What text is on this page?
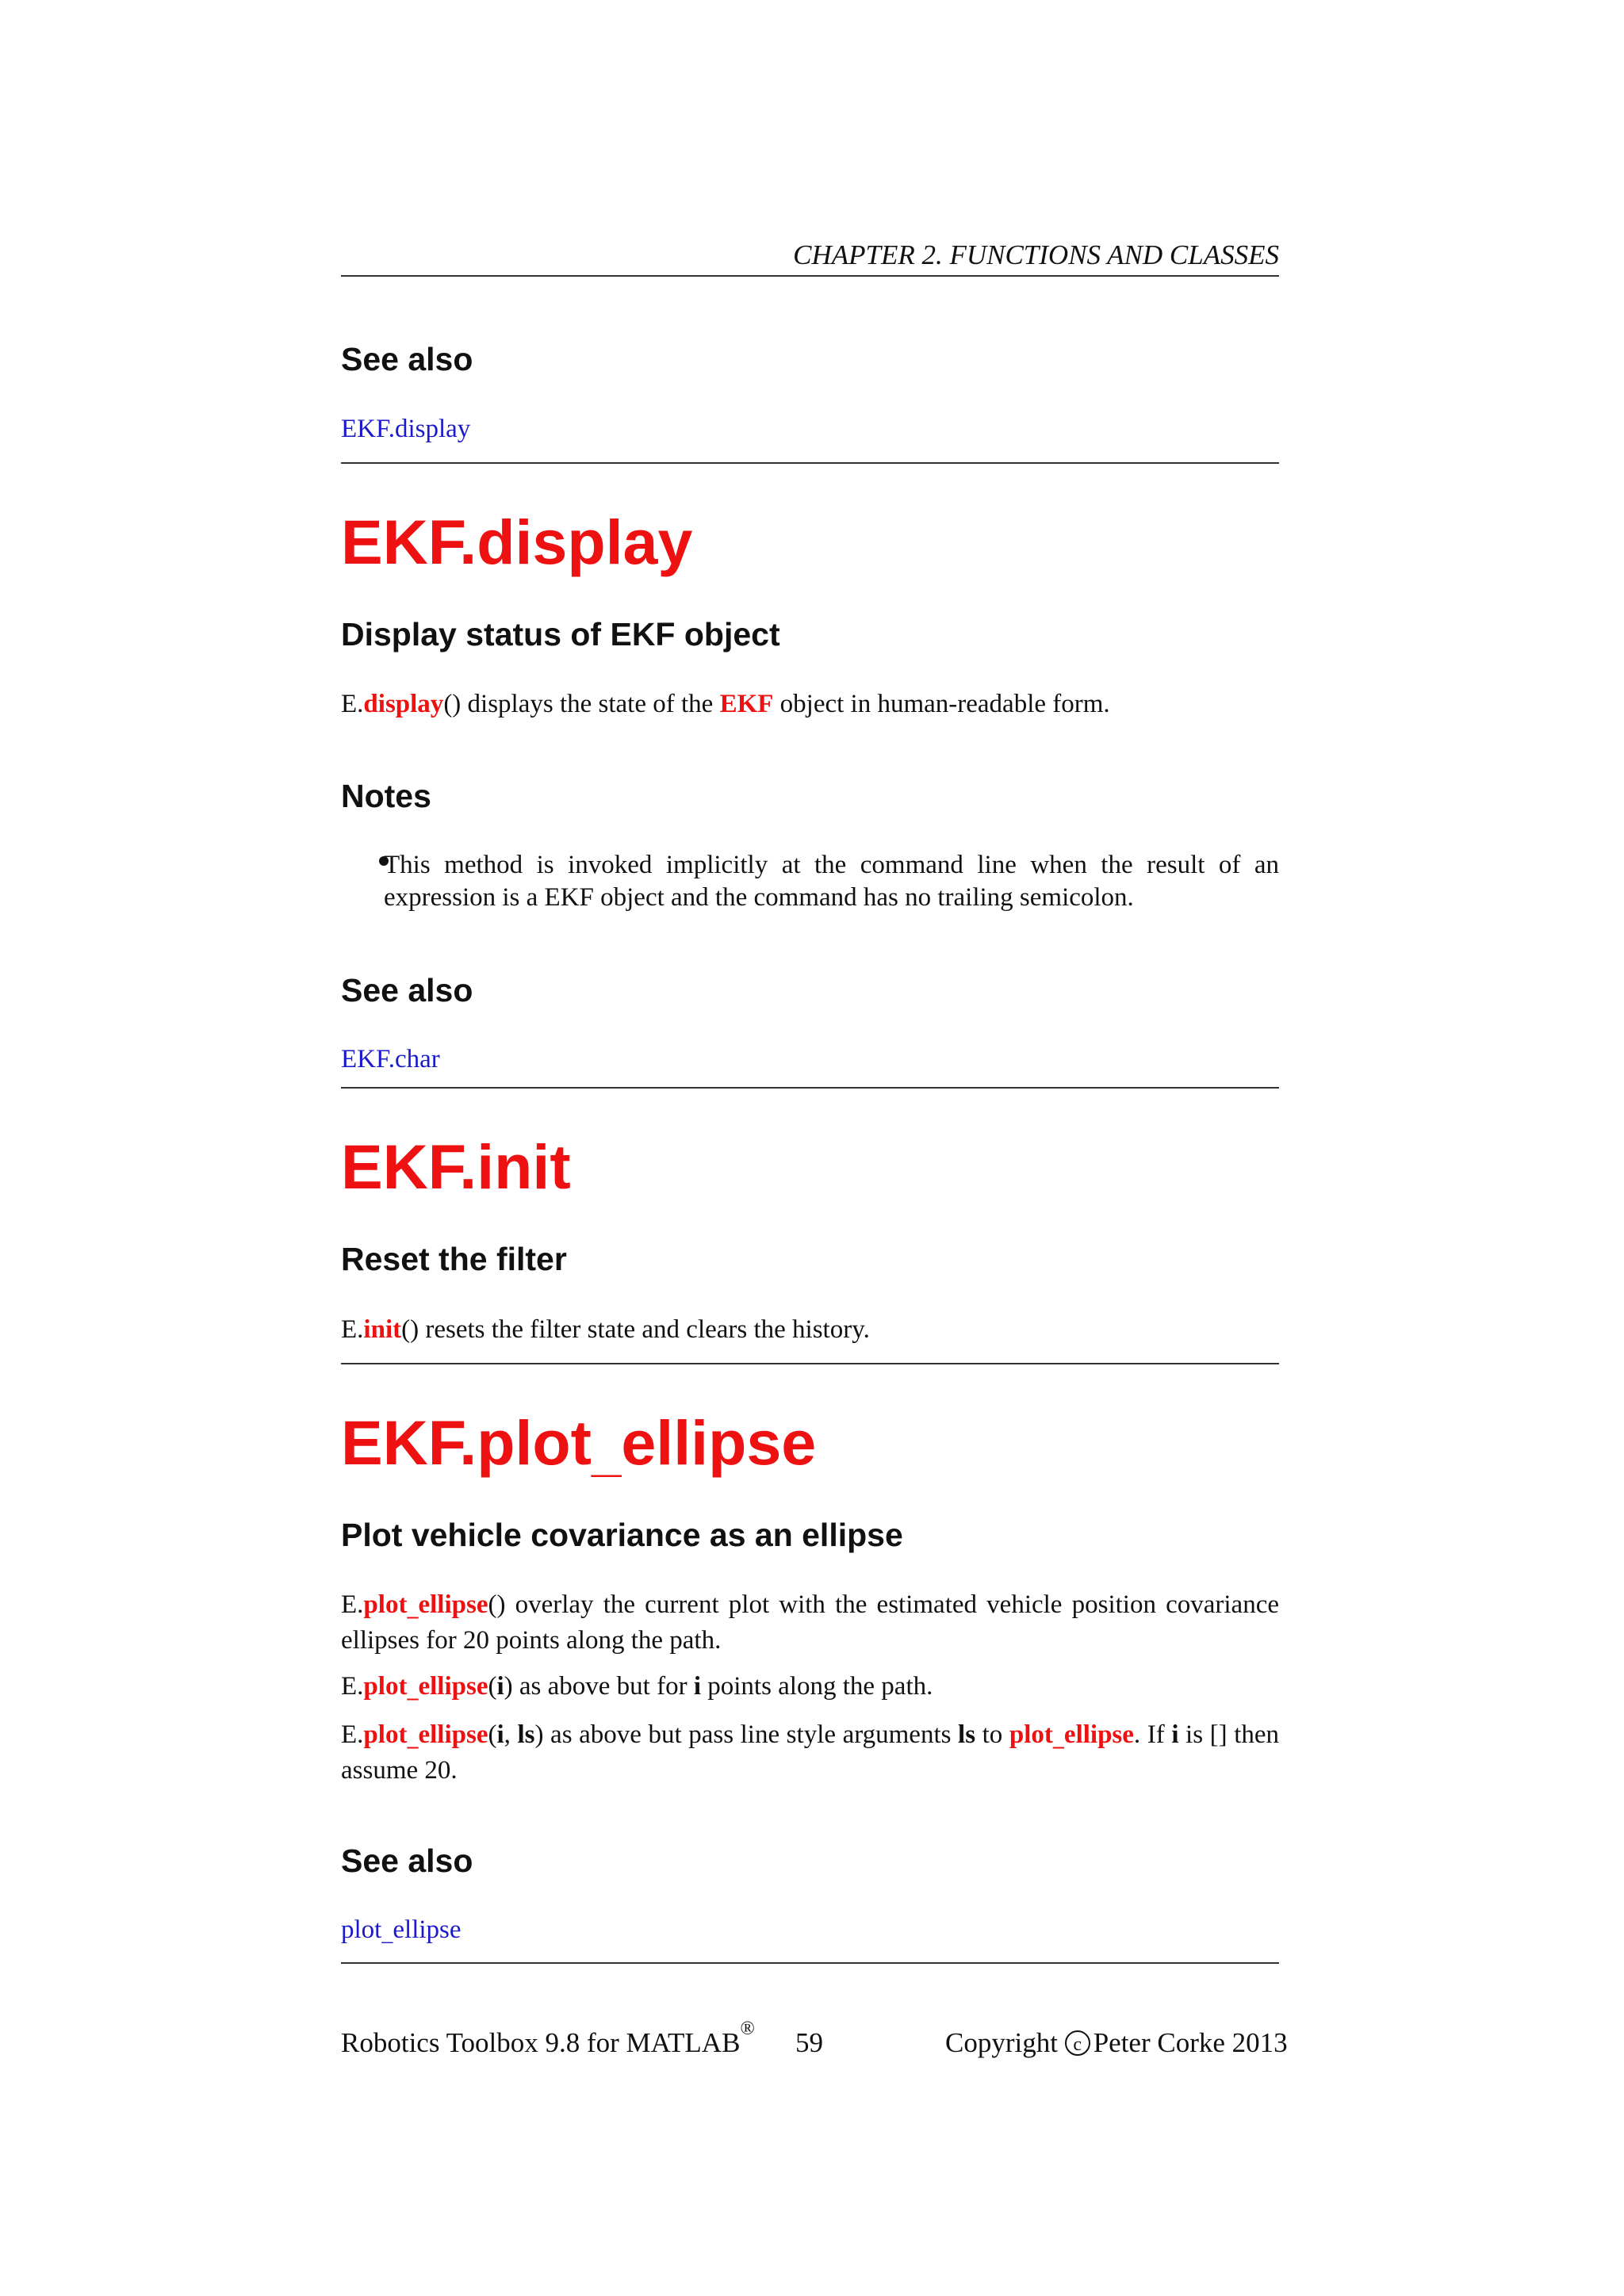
CHAPTER 2. FUNCTIONS AND CLASSES
See also
EKF.display
EKF.display
Display status of EKF object
E.display() displays the state of the EKF object in human-readable form.
Notes
This method is invoked implicitly at the command line when the result of an expression is a EKF object and the command has no trailing semicolon.
See also
EKF.char
EKF.init
Reset the filter
E.init() resets the filter state and clears the history.
EKF.plot_ellipse
Plot vehicle covariance as an ellipse
E.plot_ellipse() overlay the current plot with the estimated vehicle position covariance ellipses for 20 points along the path.
E.plot_ellipse(i) as above but for i points along the path.
E.plot_ellipse(i, ls) as above but pass line style arguments ls to plot_ellipse. If i is [] then assume 20.
See also
plot_ellipse
Robotics Toolbox 9.8 for MATLAB® 59	Copyright c Peter Corke 2013
